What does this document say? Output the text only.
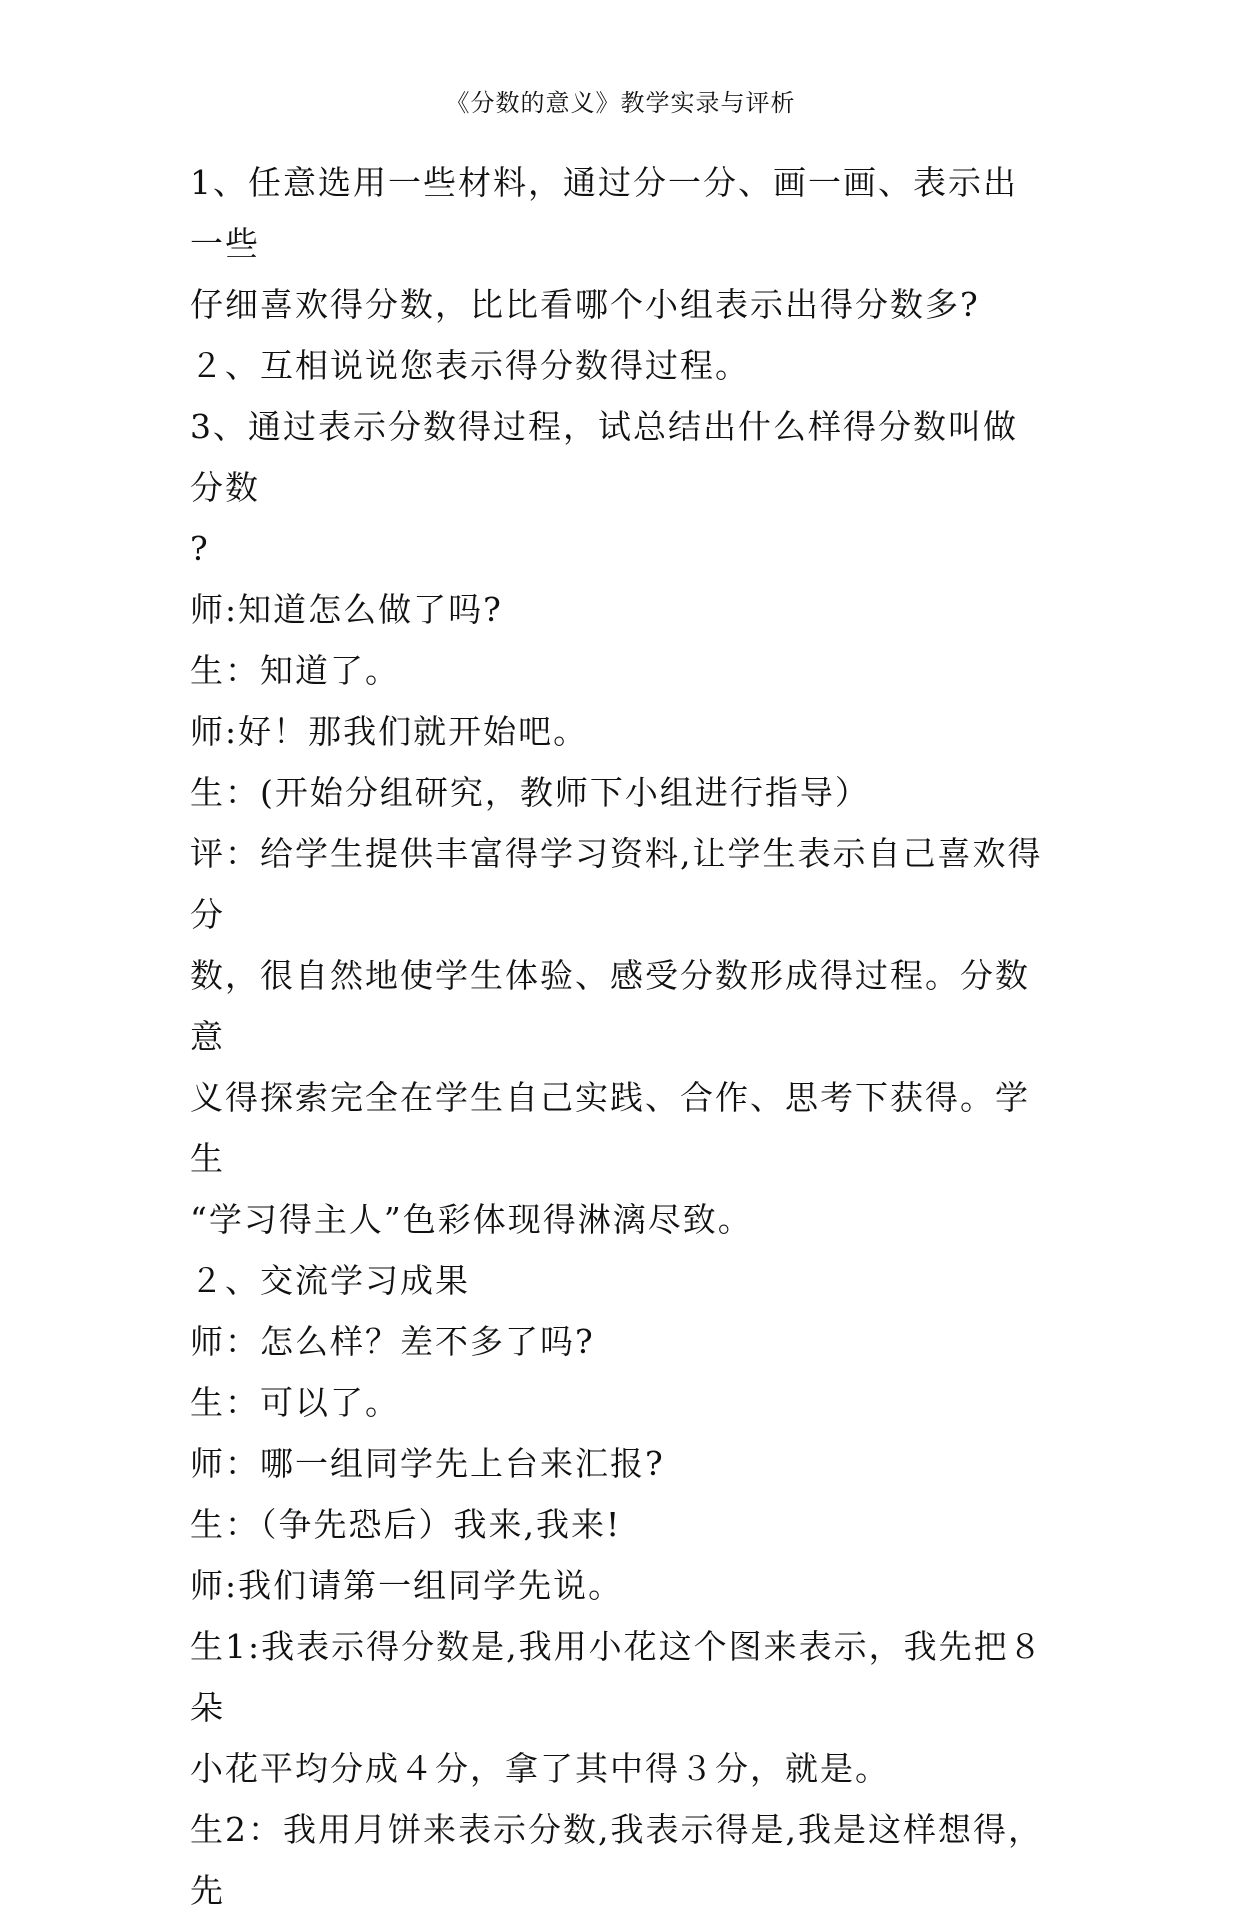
《分数的意义》教学实录与评析

1、任意选用一些材料，通过分一分、画一画、表示出一些

仔细喜欢得分数，比比看哪个小组表示出得分数多?

２、互相说说您表示得分数得过程。

3、通过表示分数得过程，试总结出什么样得分数叫做分数

?

师:知道怎么做了吗?

生：知道了。

师:好！那我们就开始吧。

生：(开始分组研究，教师下小组进行指导）

评：给学生提供丰富得学习资料,让学生表示自己喜欢得分

数，很自然地使学生体验、感受分数形成得过程。分数意

义得探索完全在学生自己实践、合作、思考下获得。学生

“学习得主人”色彩体现得淋漓尽致。

２、交流学习成果

师：怎么样？差不多了吗?

生：可以了。

师：哪一组同学先上台来汇报?

生：（争先恐后）我来,我来!

师:我们请第一组同学先说。

生1:我表示得分数是,我用小花这个图来表示，我先把８朵

小花平均分成４分，拿了其中得３分，就是。

生2：我用月饼来表示分数,我表示得是,我是这样想得，先
